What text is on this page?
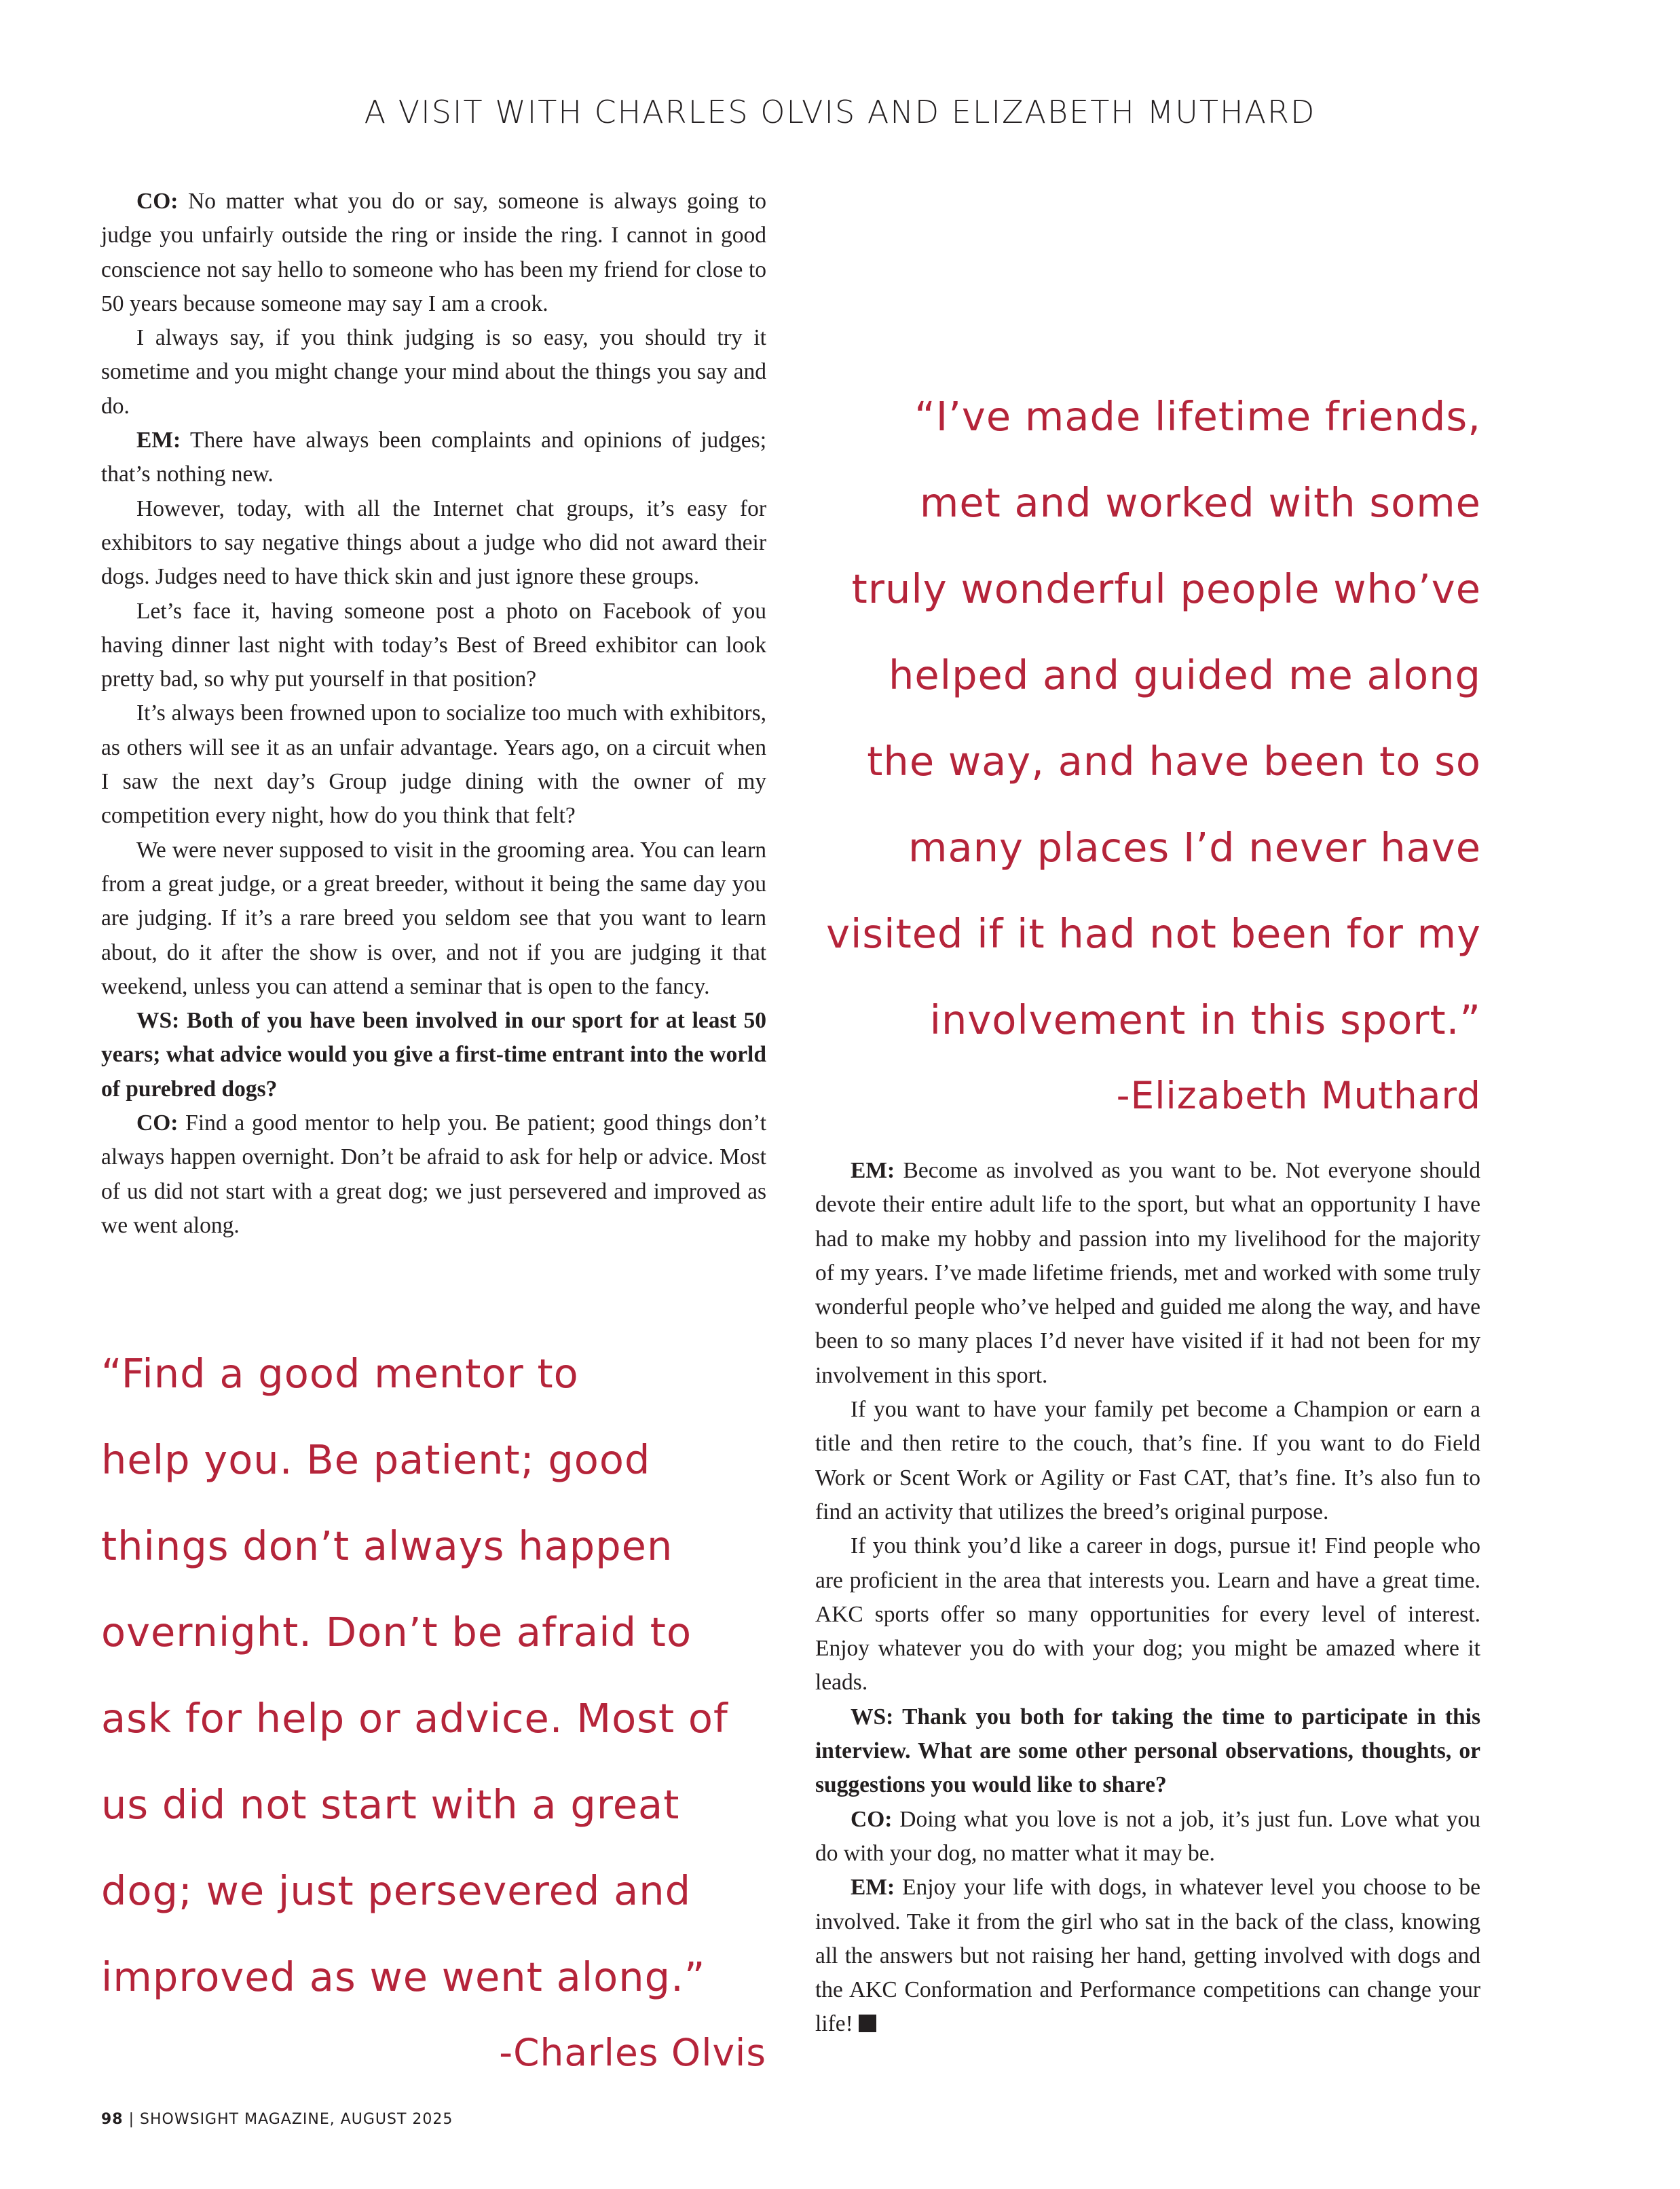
A VISIT WITH CHARLES OLVIS AND ELIZABETH MUTHARD

CO: No matter what you do or say, someone is always going to judge you unfairly outside the ring or inside the ring. I cannot in good conscience not say hello to someone who has been my friend for close to 50 years because someone may say I am a crook.

I always say, if you think judging is so easy, you should try it sometime and you might change your mind about the things you say and do.

EM: There have always been complaints and opinions of judges; that’s nothing new.

However, today, with all the Internet chat groups, it’s easy for exhibitors to say negative things about a judge who did not award their dogs. Judges need to have thick skin and just ignore these groups.

Let’s face it, having someone post a photo on Facebook of you having dinner last night with today’s Best of Breed exhibitor can look pretty bad, so why put yourself in that position?

It’s always been frowned upon to socialize too much with exhibitors, as others will see it as an unfair advantage. Years ago, on a circuit when I saw the next day’s Group judge dining with the owner of my competition every night, how do you think that felt?

We were never supposed to visit in the grooming area. You can learn from a great judge, or a great breeder, without it being the same day you are judging. If it’s a rare breed you seldom see that you want to learn about, do it after the show is over, and not if you are judging it that weekend, unless you can attend a seminar that is open to the fancy.

WS: Both of you have been involved in our sport for at least 50 years; what advice would you give a first-time entrant into the world of purebred dogs?

CO: Find a good mentor to help you. Be patient; good things don’t always happen overnight. Don’t be afraid to ask for help or advice. Most of us did not start with a great dog; we just persevered and improved as we went along.

“I’ve made lifetime friends,
met and worked with some
truly wonderful people who’ve
helped and guided me along
the way, and have been to so
many places I’d never have
visited if it had not been for my
involvement in this sport.”
-Elizabeth Muthard

EM: Become as involved as you want to be. Not everyone should devote their entire adult life to the sport, but what an opportunity I have had to make my hobby and passion into my livelihood for the majority of my years. I’ve made lifetime friends, met and worked with some truly wonderful people who’ve helped and guided me along the way, and have been to so many places I’d never have visited if it had not been for my involvement in this sport.

If you want to have your family pet become a Champion or earn a title and then retire to the couch, that’s fine. If you want to do Field Work or Scent Work or Agility or Fast CAT, that’s fine. It’s also fun to find an activity that utilizes the breed’s original purpose.

If you think you’d like a career in dogs, pursue it! Find people who are proficient in the area that interests you. Learn and have a great time. AKC sports offer so many opportunities for every level of interest. Enjoy whatever you do with your dog; you might be amazed where it leads.

WS: Thank you both for taking the time to participate in this interview. What are some other personal observations, thoughts, or suggestions you would like to share?

CO: Doing what you love is not a job, it’s just fun. Love what you do with your dog, no matter what it may be.

EM: Enjoy your life with dogs, in whatever level you choose to be involved. Take it from the girl who sat in the back of the class, knowing all the answers but not raising her hand, getting involved with dogs and the AKC Conformation and Performance competitions can change your life!

“Find a good mentor to
help you. Be patient; good
things don’t always happen
overnight. Don’t be afraid to
ask for help or advice. Most of
us did not start with a great
dog; we just persevered and
improved as we went along.”
-Charles Olvis
98 | SHOWSIGHT MAGAZINE, AUGUST 2025
